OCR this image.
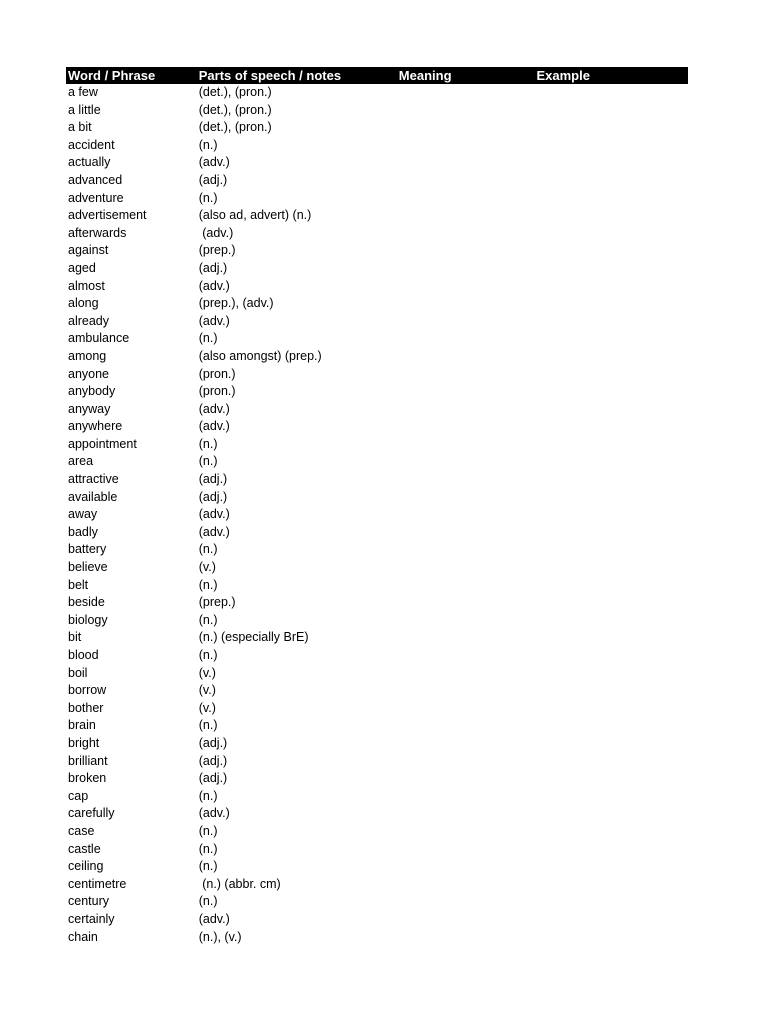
Word / Phrase	Parts of speech / notes	Meaning	Example
a few	(det.), (pron.)
a little	(det.), (pron.)
a bit	(det.), (pron.)
accident	(n.)
actually	(adv.)
advanced	(adj.)
adventure	(n.)
advertisement	(also ad, advert) (n.)
afterwards	(adv.)
against	(prep.)
aged	(adj.)
almost	(adv.)
along	(prep.), (adv.)
already	(adv.)
ambulance	(n.)
among	(also amongst) (prep.)
anyone	(pron.)
anybody	(pron.)
anyway	(adv.)
anywhere	(adv.)
appointment	(n.)
area	(n.)
attractive	(adj.)
available	(adj.)
away	(adv.)
badly	(adv.)
battery	(n.)
believe	(v.)
belt	(n.)
beside	(prep.)
biology	(n.)
bit	(n.) (especially BrE)
blood	(n.)
boil	(v.)
borrow	(v.)
bother	(v.)
brain	(n.)
bright	(adj.)
brilliant	(adj.)
broken	(adj.)
cap	(n.)
carefully	(adv.)
case	(n.)
castle	(n.)
ceiling	(n.)
centimetre	(n.) (abbr. cm)
century	(n.)
certainly	(adv.)
chain	(n.), (v.)
